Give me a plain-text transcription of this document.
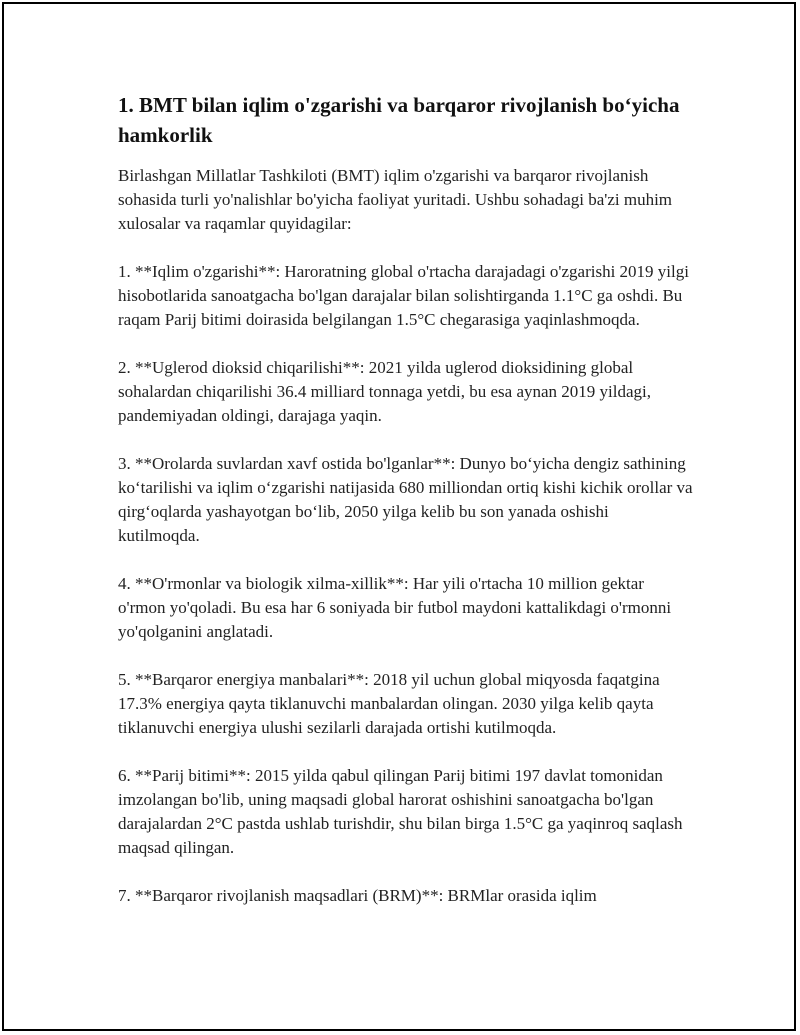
1. BMT bilan iqlim o'zgarishi va barqaror rivojlanish bo‘yicha hamkorlik

Birlashgan Millatlar Tashkiloti (BMT) iqlim o'zgarishi va barqaror rivojlanish sohasida turli yo'nalishlar bo'yicha faoliyat yuritadi. Ushbu sohadagi ba'zi muhim xulosalar va raqamlar quyidagilar:

1. **Iqlim o'zgarishi**: Haroratning global o'rtacha darajadagi o'zgarishi 2019 yilgi hisobotlarida sanoatgacha bo'lgan darajalar bilan solishtirganda 1.1°C ga oshdi. Bu raqam Parij bitimi doirasida belgilangan 1.5°C chegarasiga yaqinlashmoqda.

2. **Uglerod dioksid chiqarilishi**: 2021 yilda uglerod dioksidining global sohalardan chiqarilishi 36.4 milliard tonnaga yetdi, bu esa aynan 2019 yildagi, pandemiyadan oldingi, darajaga yaqin.

3. **Orolarda suvlardan xavf ostida bo'lganlar**: Dunyo bo‘yicha dengiz sathining ko‘tarilishi va iqlim o‘zgarishi natijasida 680 milliondan ortiq kishi kichik orollar va qirg‘oqlarda yashayotgan bo‘lib, 2050 yilga kelib bu son yanada oshishi kutilmoqda.

4. **O'rmonlar va biologik xilma-xillik**: Har yili o'rtacha 10 million gektar o'rmon yo'qoladi. Bu esa har 6 soniyada bir futbol maydoni kattalikdagi o'rmonni yo'qolganini anglatadi.

5. **Barqaror energiya manbalari**: 2018 yil uchun global miqyosda faqatgina 17.3% energiya qayta tiklanuvchi manbalardan olingan. 2030 yilga kelib qayta tiklanuvchi energiya ulushi sezilarli darajada ortishi kutilmoqda.

6. **Parij bitimi**: 2015 yilda qabul qilingan Parij bitimi 197 davlat tomonidan imzolangan bo'lib, uning maqsadi global harorat oshishini sanoatgacha bo'lgan darajalardan 2°C pastda ushlab turishdir, shu bilan birga 1.5°C ga yaqinroq saqlash maqsad qilingan.

7. **Barqaror rivojlanish maqsadlari (BRM)**: BRMlar orasida iqlim
